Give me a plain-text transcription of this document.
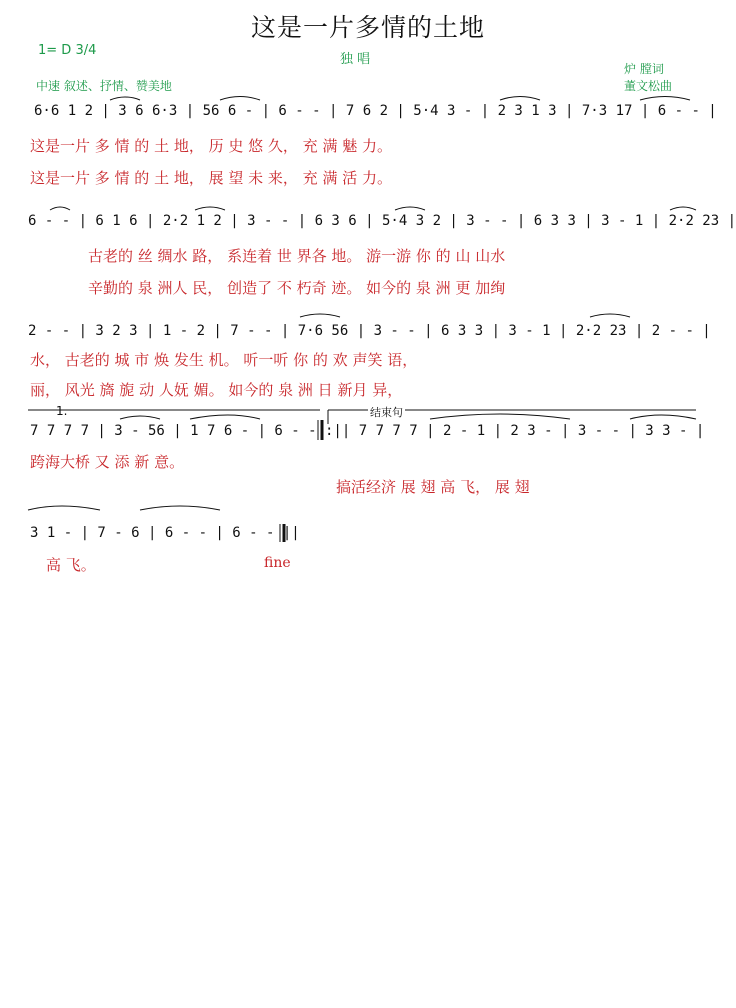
这是一片多情的土地
1= D 3/4
独 唱
炉 膛词
董文松曲
中速 叙述、抒情、赞美地
6·6 1 2 | 3 6 6·3 | 56 6 - | 6 - - | 7 6 2 | 5·4 3 - | 2 3 1 3 | 7·3 17 | 6 - - |
这是一片 多 情 的 土 地， 历 史 悠 久， 充 满 魅 力。
这是一片 多 情 的 土 地， 展 望 未 来， 充 满 活 力。
6 - - | 6 1 6 | 2·2 1 2 | 3 - - | 6 3 6 | 5·4 3 2 | 3 - - | 6 3 3 | 3 - 1 | 2·2 23 |
古老的 丝 绸水 路， 系连着 世 界各 地。 游一游 你 的 山 山水
辛勤的 泉 洲人 民， 创造了 不 朽奇 迹。 如今的 泉 洲 更 加绚
2 - - | 3 2 3 | 1 - 2 | 7 - - | 7·6 56 | 3 - - | 6 3 3 | 3 - 1 | 2·2 23 | 2 - - |
水， 古老的 城 市 焕 发生 机。 听一听 你 的 欢 声笑 语，
丽， 风光 旖 旎 动 人妩 媚。 如今的 泉 洲 日 新月 异，
1.	结束句
7 7 7 7 | 3 - 56 | 1 7 6 - | 6 - - :|| 7 7 7 7 | 2 - 1 | 2 3 - | 3 - - | 3 3 - |
跨海大桥 又 添 新 意。
搞活经济 展 翅 高 飞， 展 翅
3 1 - | 7 - 6 | 6 - - | 6 - - ||
高 飞。	fine
